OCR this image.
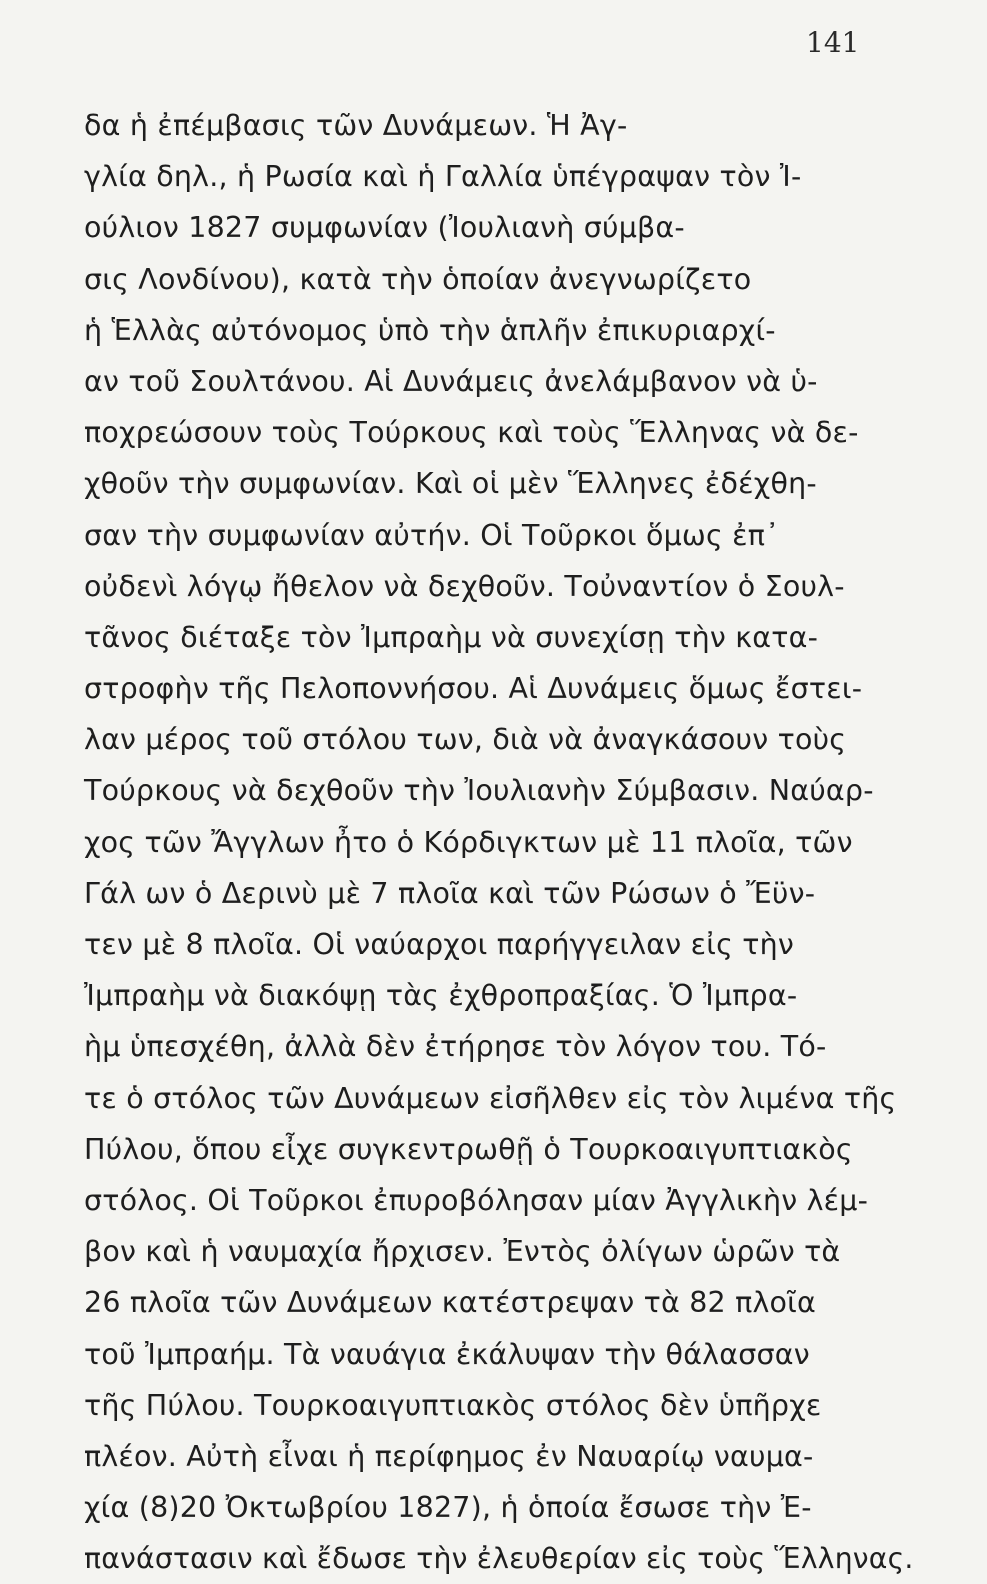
141
δα ἡ ἐπέμβασις τῶν Δυνάμεων. Ἡ Ἀγ-
γλία δηλ., ἡ Ρωσία καὶ ἡ Γαλλία ὑπέγραψαν τὸν Ἰ-
ούλιον 1827 συμφωνίαν (Ἰουλιανὴ σύμβα-
σις Λονδίνου), κατὰ τὴν ὁποίαν ἀνεγνωρίζετο
ἡ Ἑλλὰς αὐτόνομος ὑπὸ τὴν ἁπλῆν ἐπικυριαρχί-
αν τοῦ Σουλτάνου. Αἱ Δυνάμεις ἀνελάμβανον νὰ ὑ-
ποχρεώσουν τοὺς Τούρκους καὶ τοὺς Ἕλληνας νὰ δε-
χθοῦν τὴν συμφωνίαν. Καὶ οἱ μὲν Ἕλληνες ἐδέχθη-
σαν τὴν συμφωνίαν αὐτήν. Οἱ Τοῦρκοι ὅμως ἐπ᾽
οὐδενὶ λόγῳ ἤθελον νὰ δεχθοῦν. Τοὐναντίον ὁ Σουλ-
τᾶνος διέταξε τὸν Ἰμπραὴμ νὰ συνεχίσῃ τὴν κατα-
στροφὴν τῆς Πελοποννήσου. Αἱ Δυνάμεις ὅμως ἔστει-
λαν μέρος τοῦ στόλου των, διὰ νὰ ἀναγκάσουν τοὺς
Τούρκους νὰ δεχθοῦν τὴν Ἰουλιανὴν Σύμβασιν. Ναύαρ-
χος τῶν Ἄγγλων ἦτο ὁ Κόρδιγκτων μὲ 11 πλοῖα, τῶν
Γάλ ων ὁ Δερινὺ μὲ 7 πλοῖα καὶ τῶν Ρώσων ὁ Ἔϋν-
τεν μὲ 8 πλοῖα. Οἱ ναύαρχοι παρήγγειλαν εἰς τὴν
Ἰμπραὴμ νὰ διακόψῃ τὰς ἐχθροπραξίας. Ὁ Ἰμπρα-
ὴμ ὑπεσχέθη, ἀλλὰ δὲν ἐτήρησε τὸν λόγον του. Τό-
τε ὁ στόλος τῶν Δυνάμεων εἰσῆλθεν εἰς τὸν λιμένα τῆς
Πύλου, ὅπου εἶχε συγκεντρωθῇ ὁ Τουρκοαιγυπτιακὸς
στόλος. Οἱ Τοῦρκοι ἐπυροβόλησαν μίαν Ἀγγλικὴν λέμ-
βον καὶ ἡ ναυμαχία ἤρχισεν. Ἐντὸς ὀλίγων ὡρῶν τὰ
26 πλοῖα τῶν Δυνάμεων κατέστρεψαν τὰ 82 πλοῖα
τοῦ Ἰμπραήμ. Τὰ ναυάγια ἐκάλυψαν τὴν θάλασσαν
τῆς Πύλου. Τουρκοαιγυπτιακὸς στόλος δὲν ὑπῆρχε
πλέον. Αὐτὴ εἶναι ἡ περίφημος ἐν Ναυαρίῳ ναυμα-
χία (8)20 Ὀκτωβρίου 1827), ἡ ὁποία ἔσωσε τὴν Ἐ-
πανάστασιν καὶ ἔδωσε τὴν ἐλευθερίαν εἰς τοὺς Ἕλληνας.
